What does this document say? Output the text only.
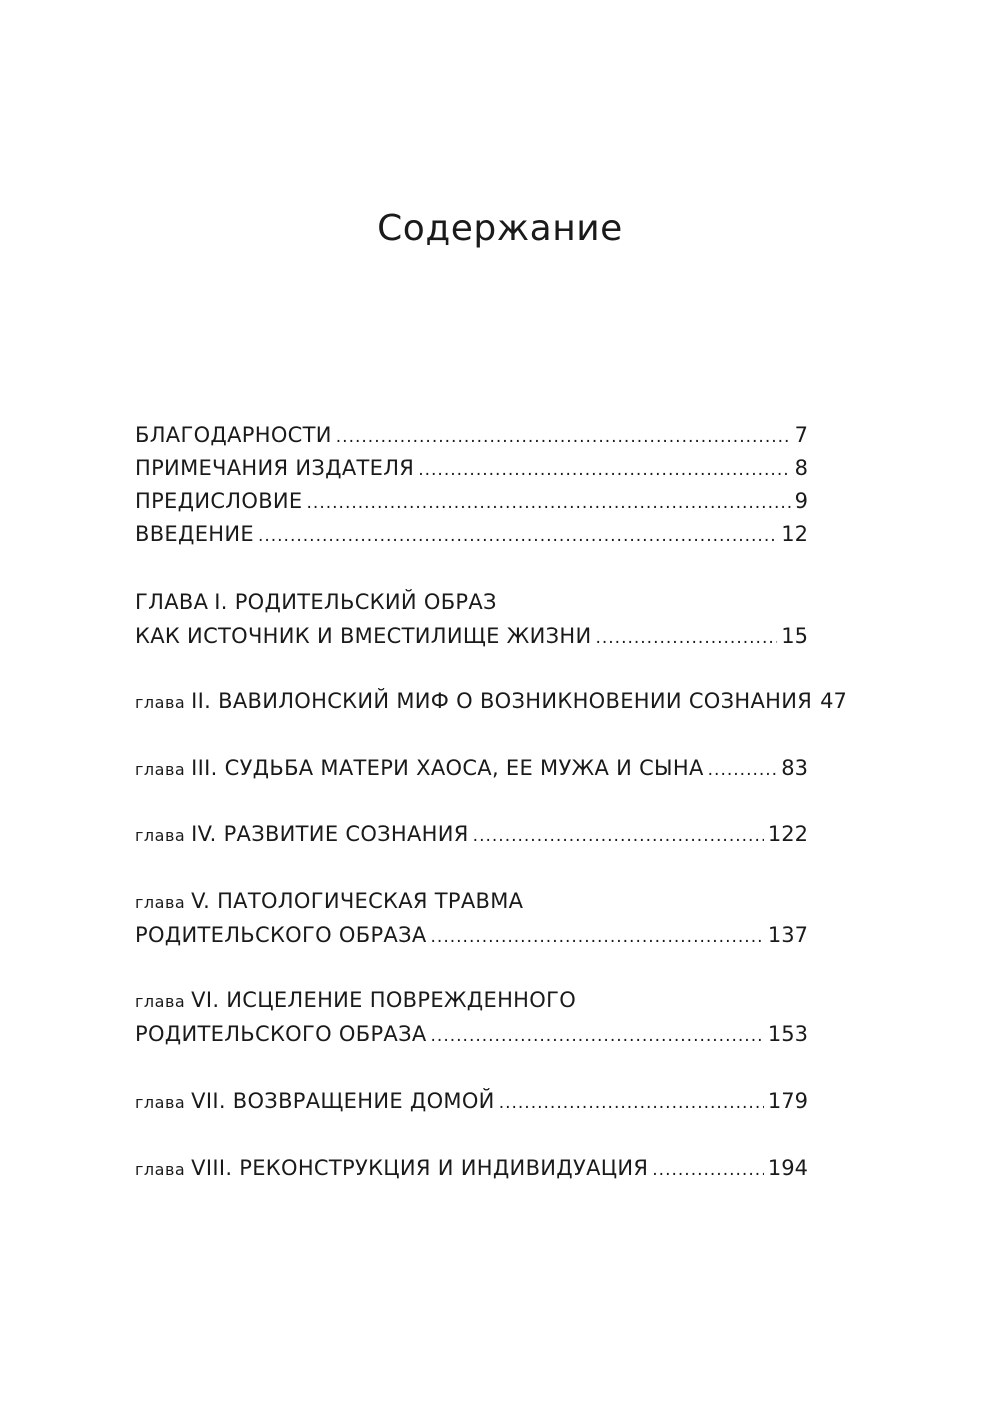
Содержание
БЛАГОДАРНОСТИ .....	7
ПРИМЕЧАНИЯ ИЗДАТЕЛЯ .....	8
ПРЕДИСЛОВИЕ .....	9
ВВЕДЕНИЕ .....	12
ГЛАВА I. РОДИТЕЛЬСКИЙ ОБРАЗ
КАК ИСТОЧНИК И ВМЕСТИЛИЩЕ ЖИЗНИ .....	15
глава II. ВАВИЛОНСКИЙ МИФ О ВОЗНИКНОВЕНИИ СОЗНАНИЯ 47
глава III. СУДЬБА МАТЕРИ ХАОСА, ЕЕ МУЖА И СЫНА .....	83
глава IV. РАЗВИТИЕ СОЗНАНИЯ .....	122
глава V. ПАТОЛОГИЧЕСКАЯ ТРАВМА
РОДИТЕЛЬСКОГО ОБРАЗА .....	137
глава VI. ИСЦЕЛЕНИЕ ПОВРЕЖДЕННОГО
РОДИТЕЛЬСКОГО ОБРАЗА .....	153
глава VII. ВОЗВРАЩЕНИЕ ДОМОЙ .....	179
глава VIII. РЕКОНСТРУКЦИЯ И ИНДИВИДУАЦИЯ .....	194
